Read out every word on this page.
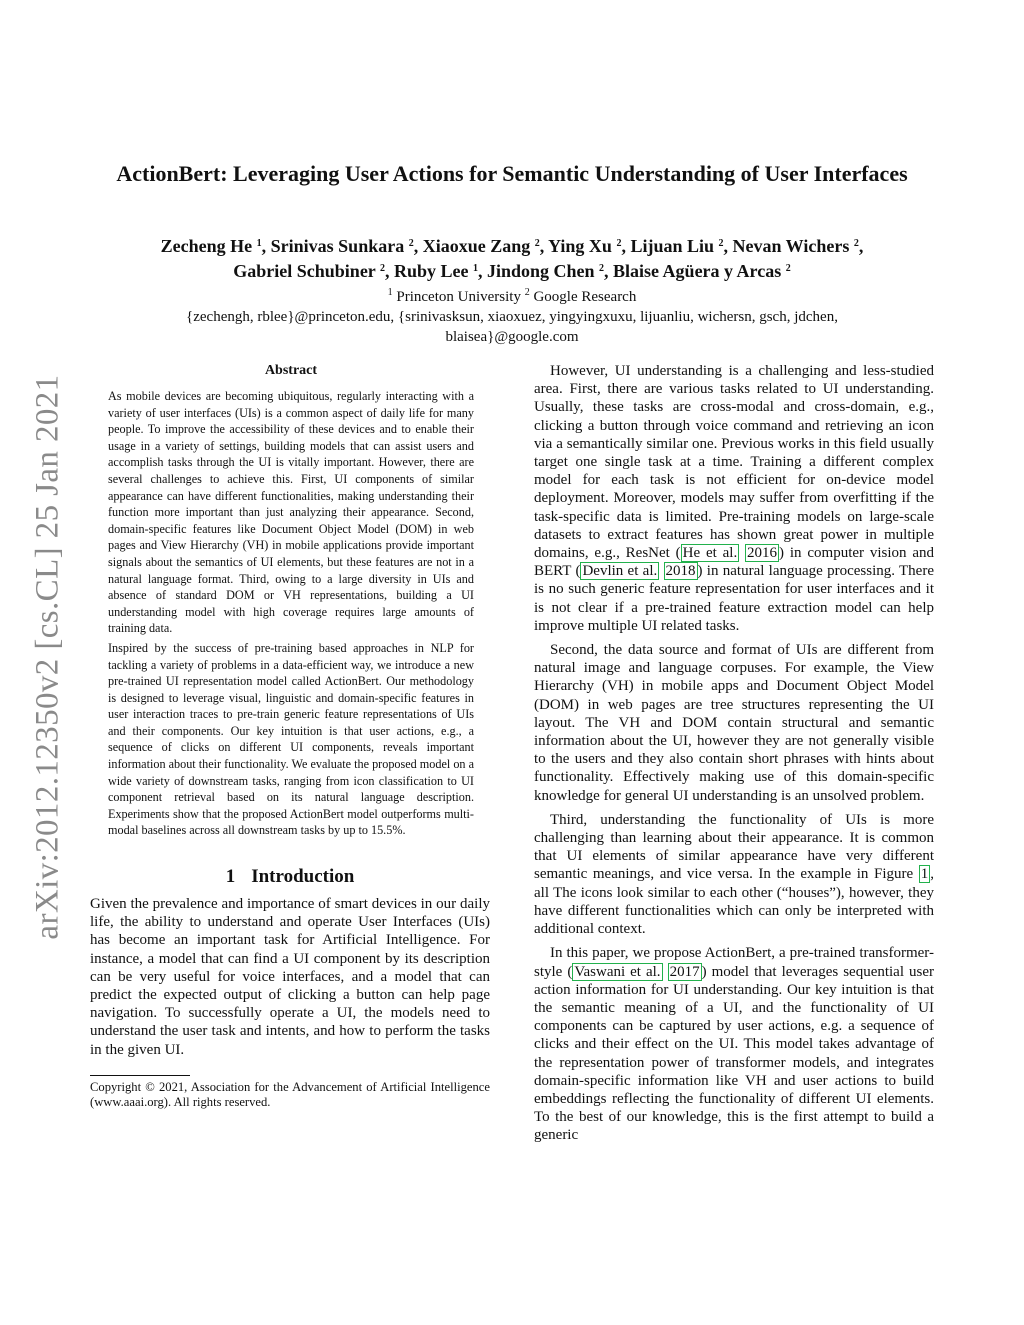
arXiv:2012.12350v2 [cs.CL] 25 Jan 2021
ActionBert: Leveraging User Actions for Semantic Understanding of User Interfaces
Zecheng He $^1$, Srinivas Sunkara $^2$, Xiaoxue Zang $^2$, Ying Xu $^2$, Lijuan Liu $^2$, Nevan Wichers $^2$,
Gabriel Schubiner $^2$, Ruby Lee $^1$, Jindong Chen $^2$, Blaise Agüera y Arcas $^2$
$^1$ Princeton University $^2$ Google Research
{zechengh, rblee}@princeton.edu, {srinivasksun, xiaoxuez, yingyingxuxu, lijuanliu, wichersn, gsch, jdchen,
blaisea}@google.com
Abstract

As mobile devices are becoming ubiquitous, regularly interacting with a variety of user interfaces (UIs) is a common aspect of daily life for many people. To improve the accessibility of these devices and to enable their usage in a variety of settings, building models that can assist users and accomplish tasks through the UI is vitally important. However, there are several challenges to achieve this. First, UI components of similar appearance can have different functionalities, making understanding their function more important than just analyzing their appearance. Second, domain-specific features like Document Object Model (DOM) in web pages and View Hierarchy (VH) in mobile applications provide important signals about the semantics of UI elements, but these features are not in a natural language format. Third, owing to a large diversity in UIs and absence of standard DOM or VH representations, building a UI understanding model with high coverage requires large amounts of training data.

Inspired by the success of pre-training based approaches in NLP for tackling a variety of problems in a data-efficient way, we introduce a new pre-trained UI representation model called ActionBert. Our methodology is designed to leverage visual, linguistic and domain-specific features in user interaction traces to pre-train generic feature representations of UIs and their components. Our key intuition is that user actions, e.g., a sequence of clicks on different UI components, reveals important information about their functionality. We evaluate the proposed model on a wide variety of downstream tasks, ranging from icon classification to UI component retrieval based on its natural language description. Experiments show that the proposed ActionBert model outperforms multi-modal baselines across all downstream tasks by up to 15.5%.

1 Introduction

Given the prevalence and importance of smart devices in our daily life, the ability to understand and operate User Interfaces (UIs) has become an important task for Artificial Intelligence. For instance, a model that can find a UI component by its description can be very useful for voice interfaces, and a model that can predict the expected output of clicking a button can help page navigation. To successfully operate a UI, the models need to understand the user task and intents, and how to perform the tasks in the given UI.

Copyright © 2021, Association for the Advancement of Artificial Intelligence (www.aaai.org). All rights reserved.

However, UI understanding is a challenging and less-studied area. First, there are various tasks related to UI understanding. Usually, these tasks are cross-modal and cross-domain, e.g., clicking a button through voice command and retrieving an icon via a semantically similar one. Previous works in this field usually target one single task at a time. Training a different complex model for each task is not efficient for on-device model deployment. Moreover, models may suffer from overfitting if the task-specific data is limited. Pre-training models on large-scale datasets to extract features has shown great power in multiple domains, e.g., ResNet ( He et al. 2016 ) in computer vision and BERT ( Devlin et al. 2018 ) in natural language processing. There is no such generic feature representation for user interfaces and it is not clear if a pre-trained feature extraction model can help improve multiple UI related tasks.

Second, the data source and format of UIs are different from natural image and language corpuses. For example, the View Hierarchy (VH) in mobile apps and Document Object Model (DOM) in web pages are tree structures representing the UI layout. The VH and DOM contain structural and semantic information about the UI, however they are not generally visible to the users and they also contain short phrases with hints about functionality. Effectively making use of this domain-specific knowledge for general UI understanding is an unsolved problem.

Third, understanding the functionality of UIs is more challenging than learning about their appearance. It is common that UI elements of similar appearance have very different semantic meanings, and vice versa. In the example in Figure 1 , all The icons look similar to each other (“houses”), however, they have different functionalities which can only be interpreted with additional context.

In this paper, we propose ActionBert, a pre-trained transformer-style ( Vaswani et al. 2017 ) model that leverages sequential user action information for UI understanding. Our key intuition is that the semantic meaning of a UI, and the functionality of UI components can be captured by user actions, e.g. a sequence of clicks and their effect on the UI. This model takes advantage of the representation power of transformer models, and integrates domain-specific information like VH and user actions to build embeddings reflecting the functionality of different UI elements. To the best of our knowledge, this is the first attempt to build a generic
